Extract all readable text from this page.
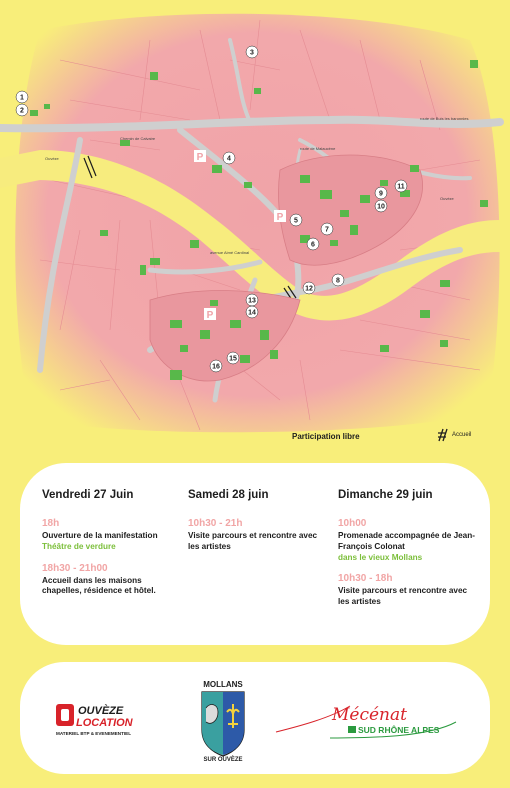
Chemin de Calvaire
route de Malaucène
route de Buis les baronnies
avenue Aimé Cardinal
Ouvèze
Ouvèze
P
P
P
1
2
3
4
5
6
7
8
9
10
11
12
13
14
15
16
Participation libre	Accueil
Vendredi 27 Juin
18h
Ouverture de la manifestation
Théâtre de verdure
18h30 - 21h00
Accueil dans les maisons chapelles, résidence et hôtel.
Samedi 28 juin
10h30 - 21h
Visite parcours et rencontre avec les artistes
Dimanche 29 juin
10h00
Promenade accompagnée de Jean- François Colonat
dans le vieux Mollans
10h30 - 18h
Visite parcours et rencontre avec les artistes
OUVÈZE
LOCATION
MATERIEL BTP & EVENEMENTIEL
MOLLANS
SUR OUVÈZE
Mécénat
SUD RHÔNE ALPES
